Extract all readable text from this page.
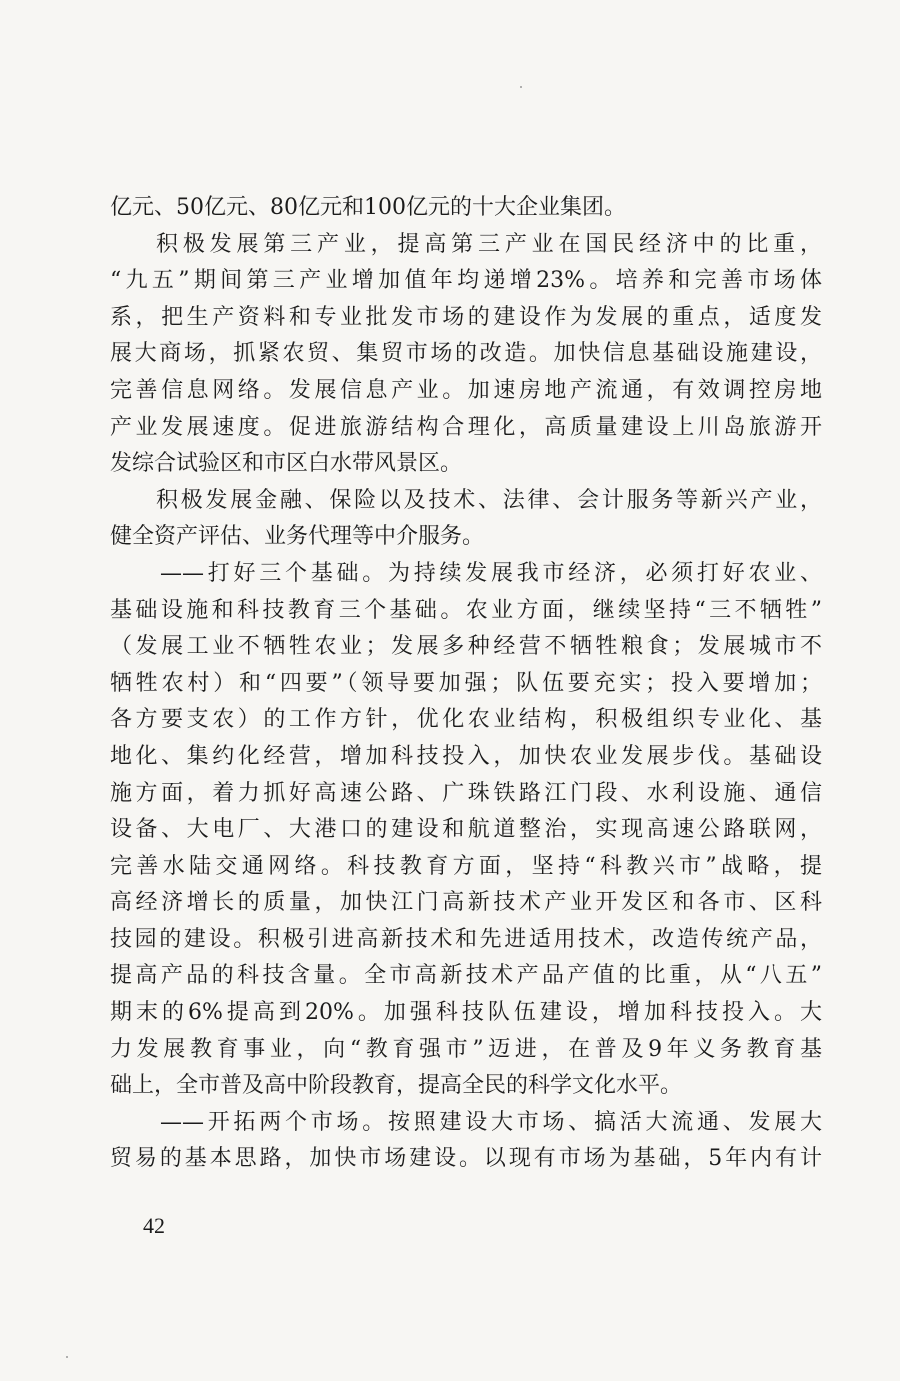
亿元、50亿元、80亿元和100亿元的十大企业集团。
积极发展第三产业，提高第三产业在国民经济中的比重，
“九五”期间第三产业增加值年均递增23%。培养和完善市场体
系，把生产资料和专业批发市场的建设作为发展的重点，适度发
展大商场，抓紧农贸、集贸市场的改造。加快信息基础设施建设，
完善信息网络。发展信息产业。加速房地产流通，有效调控房地
产业发展速度。促进旅游结构合理化，高质量建设上川岛旅游开
发综合试验区和市区白水带风景区。
积极发展金融、保险以及技术、法律、会计服务等新兴产业，
健全资产评估、业务代理等中介服务。
——打好三个基础。为持续发展我市经济，必须打好农业、
基础设施和科技教育三个基础。农业方面，继续坚持“三不牺牲”
（发展工业不牺牲农业；发展多种经营不牺牲粮食；发展城市不
牺牲农村）和“四要”（领导要加强；队伍要充实；投入要增加；
各方要支农）的工作方针，优化农业结构，积极组织专业化、基
地化、集约化经营，增加科技投入，加快农业发展步伐。基础设
施方面，着力抓好高速公路、广珠铁路江门段、水利设施、通信
设备、大电厂、大港口的建设和航道整治，实现高速公路联网，
完善水陆交通网络。科技教育方面，坚持“科教兴市”战略，提
高经济增长的质量，加快江门高新技术产业开发区和各市、区科
技园的建设。积极引进高新技术和先进适用技术，改造传统产品，
提高产品的科技含量。全市高新技术产品产值的比重，从“八五”
期末的6%提高到20%。加强科技队伍建设，增加科技投入。大
力发展教育事业，向“教育强市”迈进，在普及9年义务教育基
础上，全市普及高中阶段教育，提高全民的科学文化水平。
——开拓两个市场。按照建设大市场、搞活大流通、发展大
贸易的基本思路，加快市场建设。以现有市场为基础，5年内有计
42
